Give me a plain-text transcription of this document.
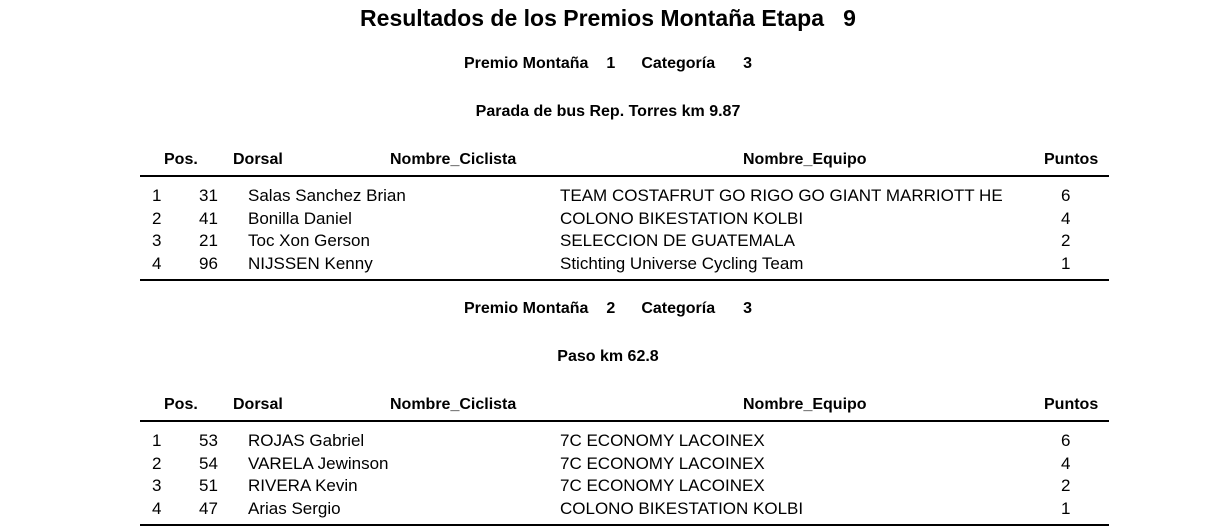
Resultados de los Premios Montaña Etapa   9
Premio Montaña 1 Categoría 3
Parada de bus Rep. Torres km 9.87
Pos. Dorsal	Nombre_Ciclista	Nombre_Equipo	Puntos
1 31 Salas Sanchez Brian	TEAM COSTAFRUT GO RIGO GO GIANT MARRIOTT HE	6
2 41 Bonilla Daniel	COLONO BIKESTATION KOLBI	4
3 21 Toc Xon Gerson	SELECCION DE GUATEMALA	2
4 96 NIJSSEN Kenny	Stichting Universe Cycling Team	1
Premio Montaña 2 Categoría 3
Paso km 62.8
Pos. Dorsal	Nombre_Ciclista	Nombre_Equipo	Puntos
1 53 ROJAS Gabriel	7C ECONOMY LACOINEX	6
2 54 VARELA Jewinson	7C ECONOMY LACOINEX	4
3 51 RIVERA Kevin	7C ECONOMY LACOINEX	2
4 47 Arias Sergio	COLONO BIKESTATION KOLBI	1
